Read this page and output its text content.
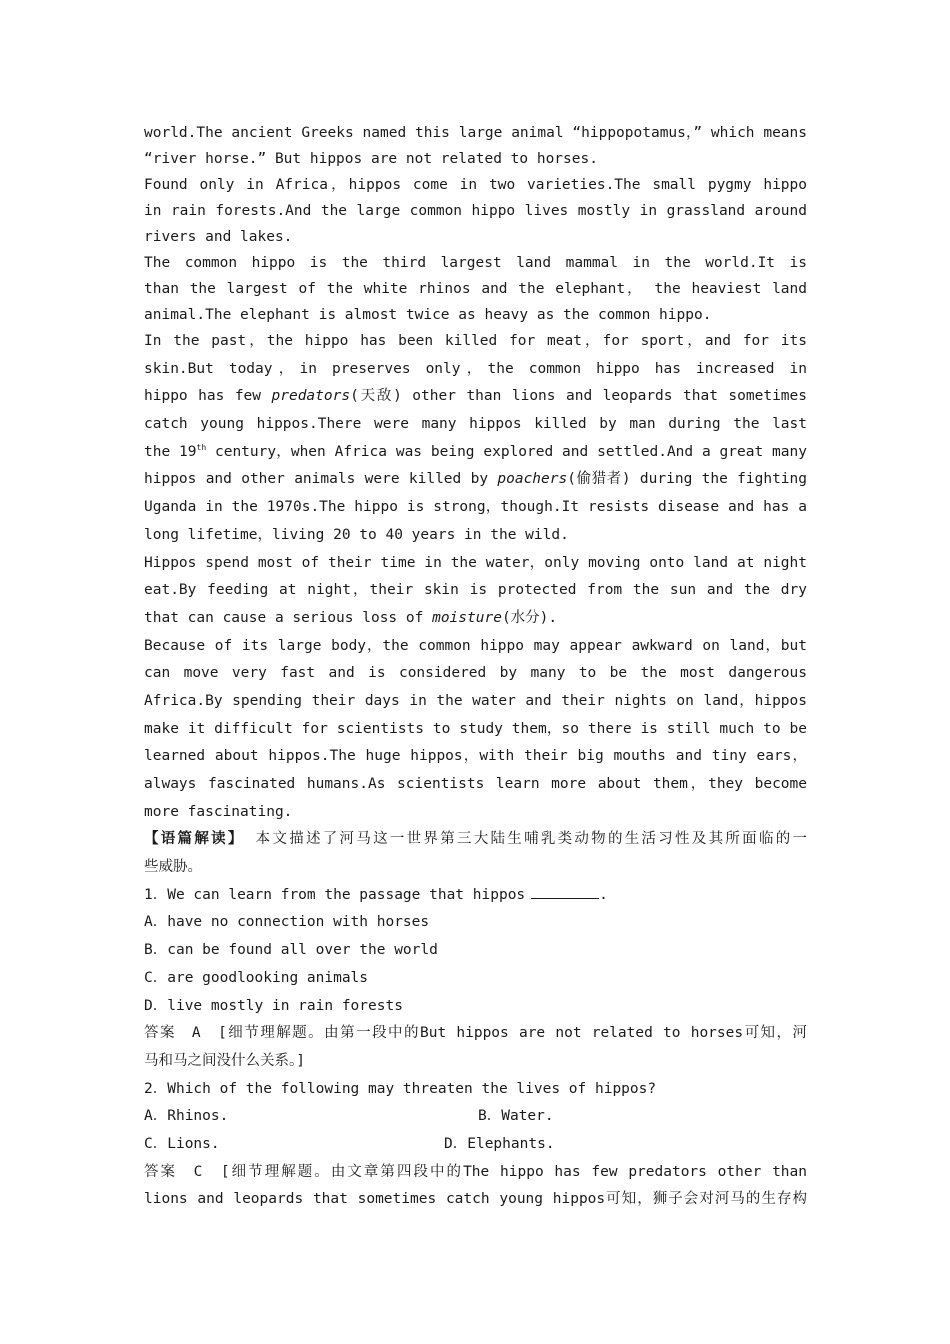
world.The ancient Greeks named this large animal “hippopotamus，” which means
“river horse.” But hippos are not related to horses.
Found only in Africa，hippos come in two varieties.The small pygmy hippo
in rain forests.And the large common hippo lives mostly in grassland around
rivers and lakes.
The common hippo is the third largest land mammal in the world.It is
than the largest of the white rhinos and the elephant， the heaviest land
animal.The elephant is almost twice as heavy as the common hippo.
In the past，the hippo has been killed for meat，for sport，and for its
skin.But today，in preserves only，the common hippo has increased in
hippo has few predators(天敌) other than lions and leopards that sometimes
catch young hippos.There were many hippos killed by man during the last
the 19th century，when Africa was being explored and settled.And a great many
hippos and other animals were killed by poachers(偷猎者) during the fighting
Uganda in the 1970s.The hippo is strong，though.It resists disease and has a
long lifetime，living 20 to 40 years in the wild.
Hippos spend most of their time in the water，only moving onto land at night
eat.By feeding at night，their skin is protected from the sun and the dry
that can cause a serious loss of moisture(水分).
Because of its large body，the common hippo may appear awkward on land，but
can move very fast and is considered by many to be the most dangerous
Africa.By spending their days in the water and their nights on land，hippos
make it difficult for scientists to study them，so there is still much to be
learned about hippos.The huge hippos，with their big mouths and tiny ears，
always fascinated humans.As scientists learn more about them，they become
more fascinating.
【语篇解读】 本文描述了河马这一世界第三大陆生哺乳类动物的生活习性及其所面临的一
些威胁。
1．We can learn from the passage that hippos	.
A．have no connection with horses
B．can be found all over the world
C．are goodlooking animals
D．live mostly in rain forests
答案　A　[细节理解题。由第一段中的But hippos are not related to horses可知，河
马和马之间没什么关系。]
2．Which of the following may threaten the lives of hippos?
A．Rhinos.	B．Water.
C．Lions.	D．Elephants.
答案　C　[细节理解题。由文章第四段中的The hippo has few predators other than
lions and leopards that sometimes catch young hippos可知，狮子会对河马的生存构
